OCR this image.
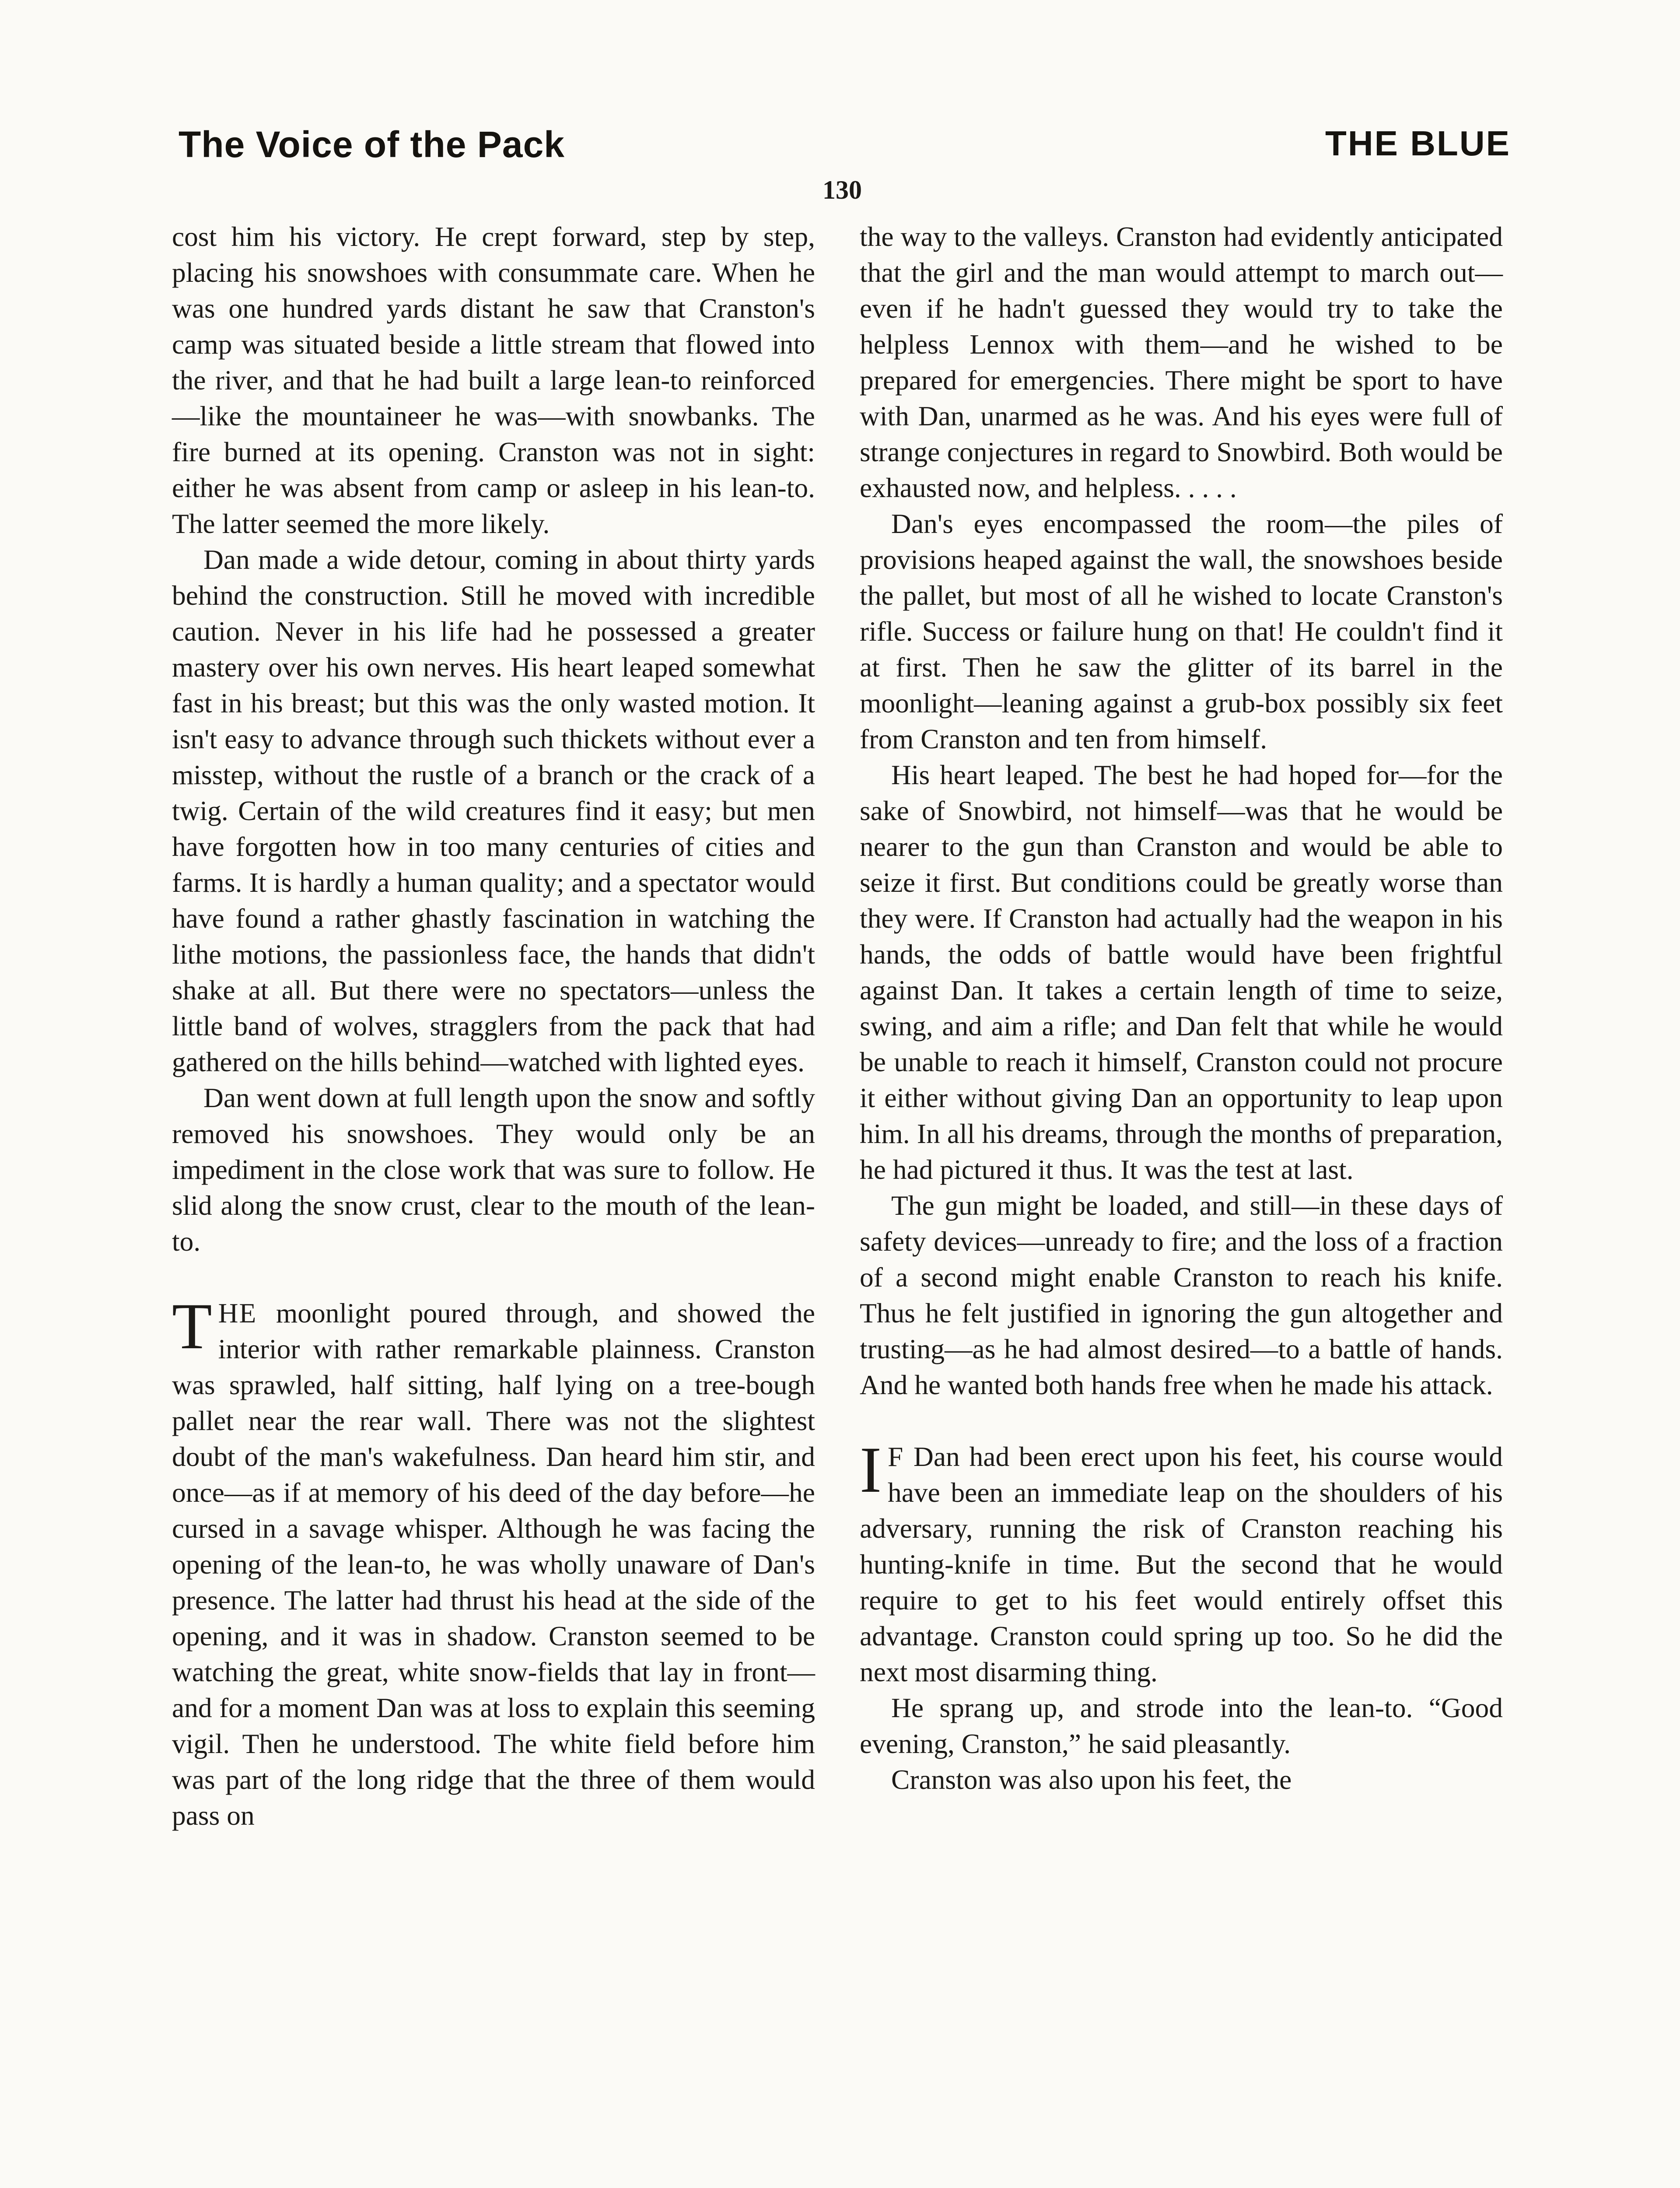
The Voice of the Pack	THE BLUE
130

cost him his victory. He crept forward, step by step, placing his snowshoes with consummate care. When he was one hundred yards distant he saw that Cranston's camp was situated beside a little stream that flowed into the river, and that he had built a large lean-to reinforced—like the mountaineer he was—with snowbanks. The fire burned at its opening. Cranston was not in sight: either he was absent from camp or asleep in his lean-to. The latter seemed the more likely.

Dan made a wide detour, coming in about thirty yards behind the construction. Still he moved with incredible caution. Never in his life had he possessed a greater mastery over his own nerves. His heart leaped somewhat fast in his breast; but this was the only wasted motion. It isn't easy to advance through such thickets without ever a misstep, without the rustle of a branch or the crack of a twig. Certain of the wild creatures find it easy; but men have forgotten how in too many centuries of cities and farms. It is hardly a human quality; and a spectator would have found a rather ghastly fascination in watching the lithe motions, the passionless face, the hands that didn't shake at all. But there were no spectators—unless the little band of wolves, stragglers from the pack that had gathered on the hills behind—watched with lighted eyes.

Dan went down at full length upon the snow and softly removed his snowshoes. They would only be an impediment in the close work that was sure to follow. He slid along the snow crust, clear to the mouth of the lean-to.

THE moonlight poured through, and showed the interior with rather remarkable plainness. Cranston was sprawled, half sitting, half lying on a tree-bough pallet near the rear wall. There was not the slightest doubt of the man's wakefulness. Dan heard him stir, and once—as if at memory of his deed of the day before—he cursed in a savage whisper. Although he was facing the opening of the lean-to, he was wholly unaware of Dan's presence. The latter had thrust his head at the side of the opening, and it was in shadow. Cranston seemed to be watching the great, white snow-fields that lay in front—and for a moment Dan was at loss to explain this seeming vigil. Then he understood. The white field before him was part of the long ridge that the three of them would pass on

the way to the valleys. Cranston had evidently anticipated that the girl and the man would attempt to march out—even if he hadn't guessed they would try to take the helpless Lennox with them—and he wished to be prepared for emergencies. There might be sport to have with Dan, unarmed as he was. And his eyes were full of strange conjectures in regard to Snowbird. Both would be exhausted now, and helpless. . . . .

Dan's eyes encompassed the room—the piles of provisions heaped against the wall, the snowshoes beside the pallet, but most of all he wished to locate Cranston's rifle. Success or failure hung on that! He couldn't find it at first. Then he saw the glitter of its barrel in the moonlight—leaning against a grub-box possibly six feet from Cranston and ten from himself.

His heart leaped. The best he had hoped for—for the sake of Snowbird, not himself—was that he would be nearer to the gun than Cranston and would be able to seize it first. But conditions could be greatly worse than they were. If Cranston had actually had the weapon in his hands, the odds of battle would have been frightful against Dan. It takes a certain length of time to seize, swing, and aim a rifle; and Dan felt that while he would be unable to reach it himself, Cranston could not procure it either without giving Dan an opportunity to leap upon him. In all his dreams, through the months of preparation, he had pictured it thus. It was the test at last.

The gun might be loaded, and still—in these days of safety devices—unready to fire; and the loss of a fraction of a second might enable Cranston to reach his knife. Thus he felt justified in ignoring the gun altogether and trusting—as he had almost desired—to a battle of hands. And he wanted both hands free when he made his attack.

I F Dan had been erect upon his feet, his course would have been an immediate leap on the shoulders of his adversary, running the risk of Cranston reaching his hunting-knife in time. But the second that he would require to get to his feet would entirely offset this advantage. Cranston could spring up too. So he did the next most disarming thing.

He sprang up, and strode into the lean-to. “Good evening, Cranston,” he said pleasantly.

Cranston was also upon his feet, the
